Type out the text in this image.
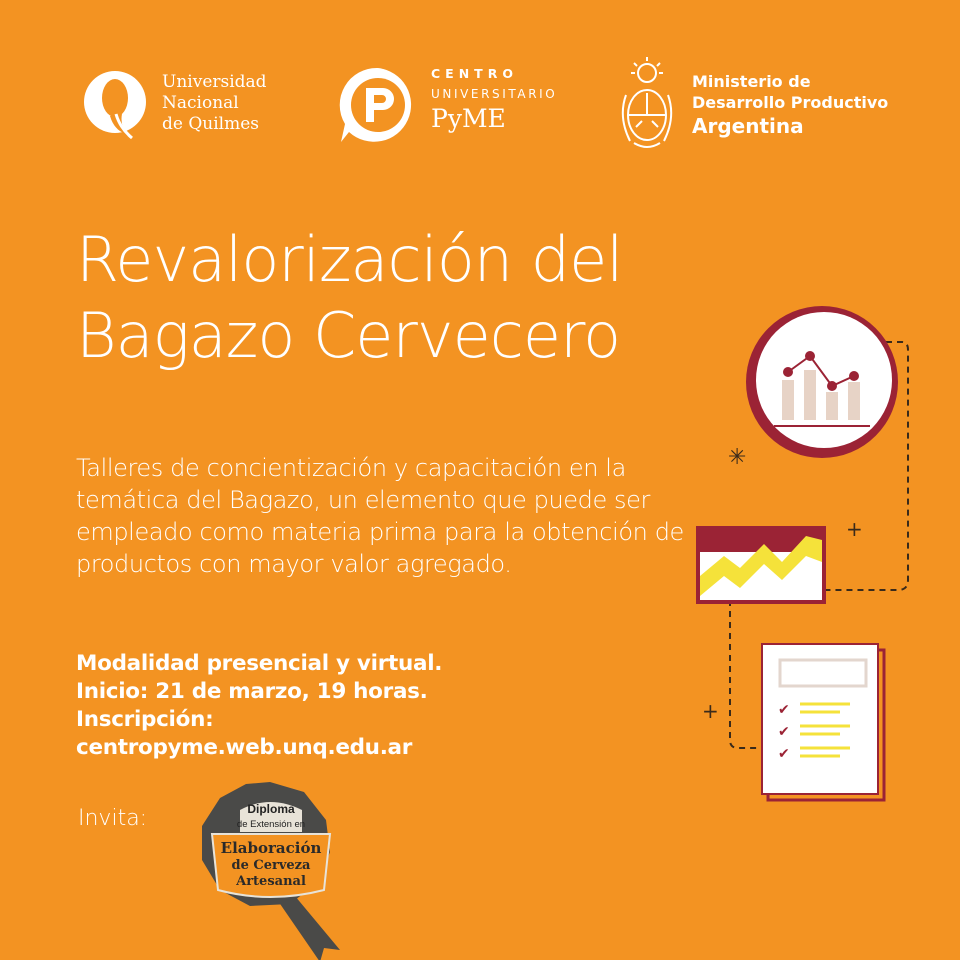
Universidad
Nacional
de Quilmes
CENTRO
UNIVERSITARIO
PyME
Ministerio de
Desarrollo Productivo
Argentina
Revalorización del
Bagazo Cervecero

Talleres de concientización y capacitación en la temática del Bagazo, un elemento que puede ser empleado como materia prima para la obtención de productos con mayor valor agregado.

Modalidad presencial y virtual.
Inicio: 21 de marzo, 19 horas.
Inscripción:
centropyme.web.unq.edu.ar
Invita:	Diploma
de Extensión en
Elaboración
de Cerveza
Artesanal
✳
+
+	✔
✔
✔
